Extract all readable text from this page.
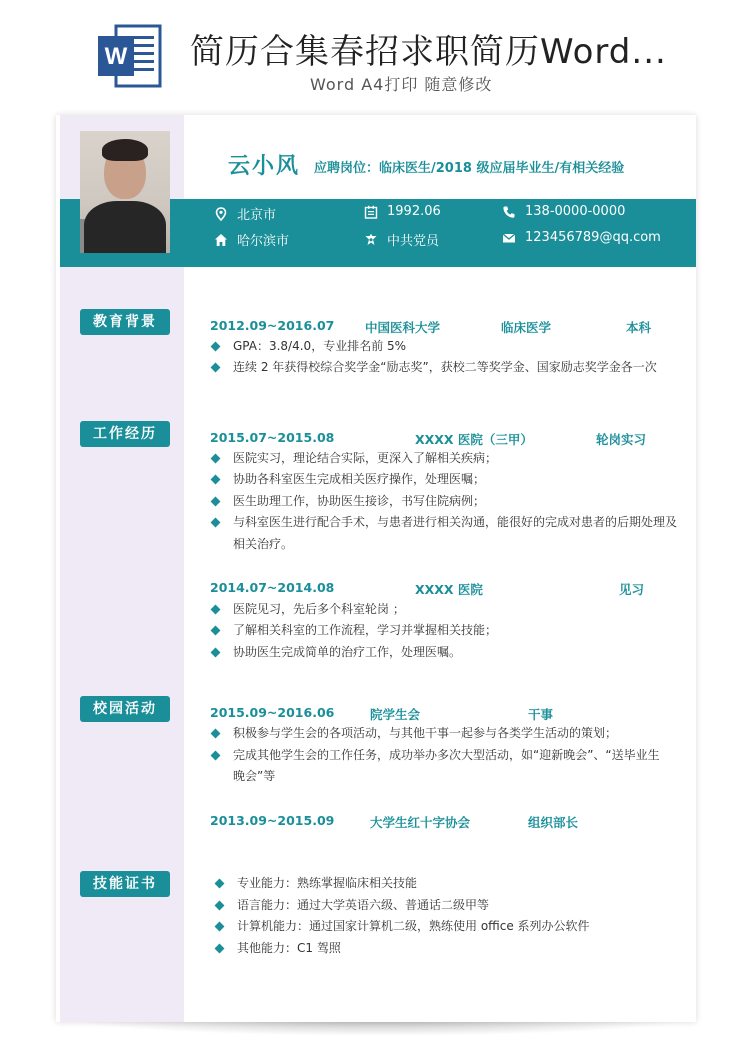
W 简历合集春招求职简历Word...
Word A4打印 随意修改
云小风 应聘岗位：临床医生/2018 级应届毕业生/有相关经验
北京市	1992.06	138-0000-0000
哈尔滨市	中共党员	123456789@qq.com
教育背景	2012.09~2016.07 中国医科大学	临床医学	本科
GPA：3.8/4.0，专业排名前 5%
连续 2 年获得校综合奖学金“励志奖”，获校二等奖学金、国家励志奖学金各一次
工作经历	2015.07~2015.08	XXXX 医院（三甲）	轮岗实习
医院实习，理论结合实际，更深入了解相关疾病；
协助各科室医生完成相关医疗操作，处理医嘱；
医生助理工作，协助医生接诊，书写住院病例；
与科室医生进行配合手术，与患者进行相关沟通，能很好的完成对患者的后期处理及
相关治疗。
2014.07~2014.08	XXXX 医院	见习
医院见习，先后多个科室轮岗 ；
了解相关科室的工作流程，学习并掌握相关技能；
协助医生完成简单的治疗工作，处理医嘱。
校园活动	2015.09~2016.06	院学生会	干事
积极参与学生会的各项活动，与其他干事一起参与各类学生活动的策划；
完成其他学生会的工作任务，成功举办多次大型活动，如“迎新晚会”、“送毕业生
晚会”等
2013.09~2015.09	大学生红十字协会	组织部长
技能证书	专业能力：熟练掌握临床相关技能
语言能力：通过大学英语六级、普通话二级甲等
计算机能力：通过国家计算机二级，熟练使用 office 系列办公软件
其他能力：C1 驾照
